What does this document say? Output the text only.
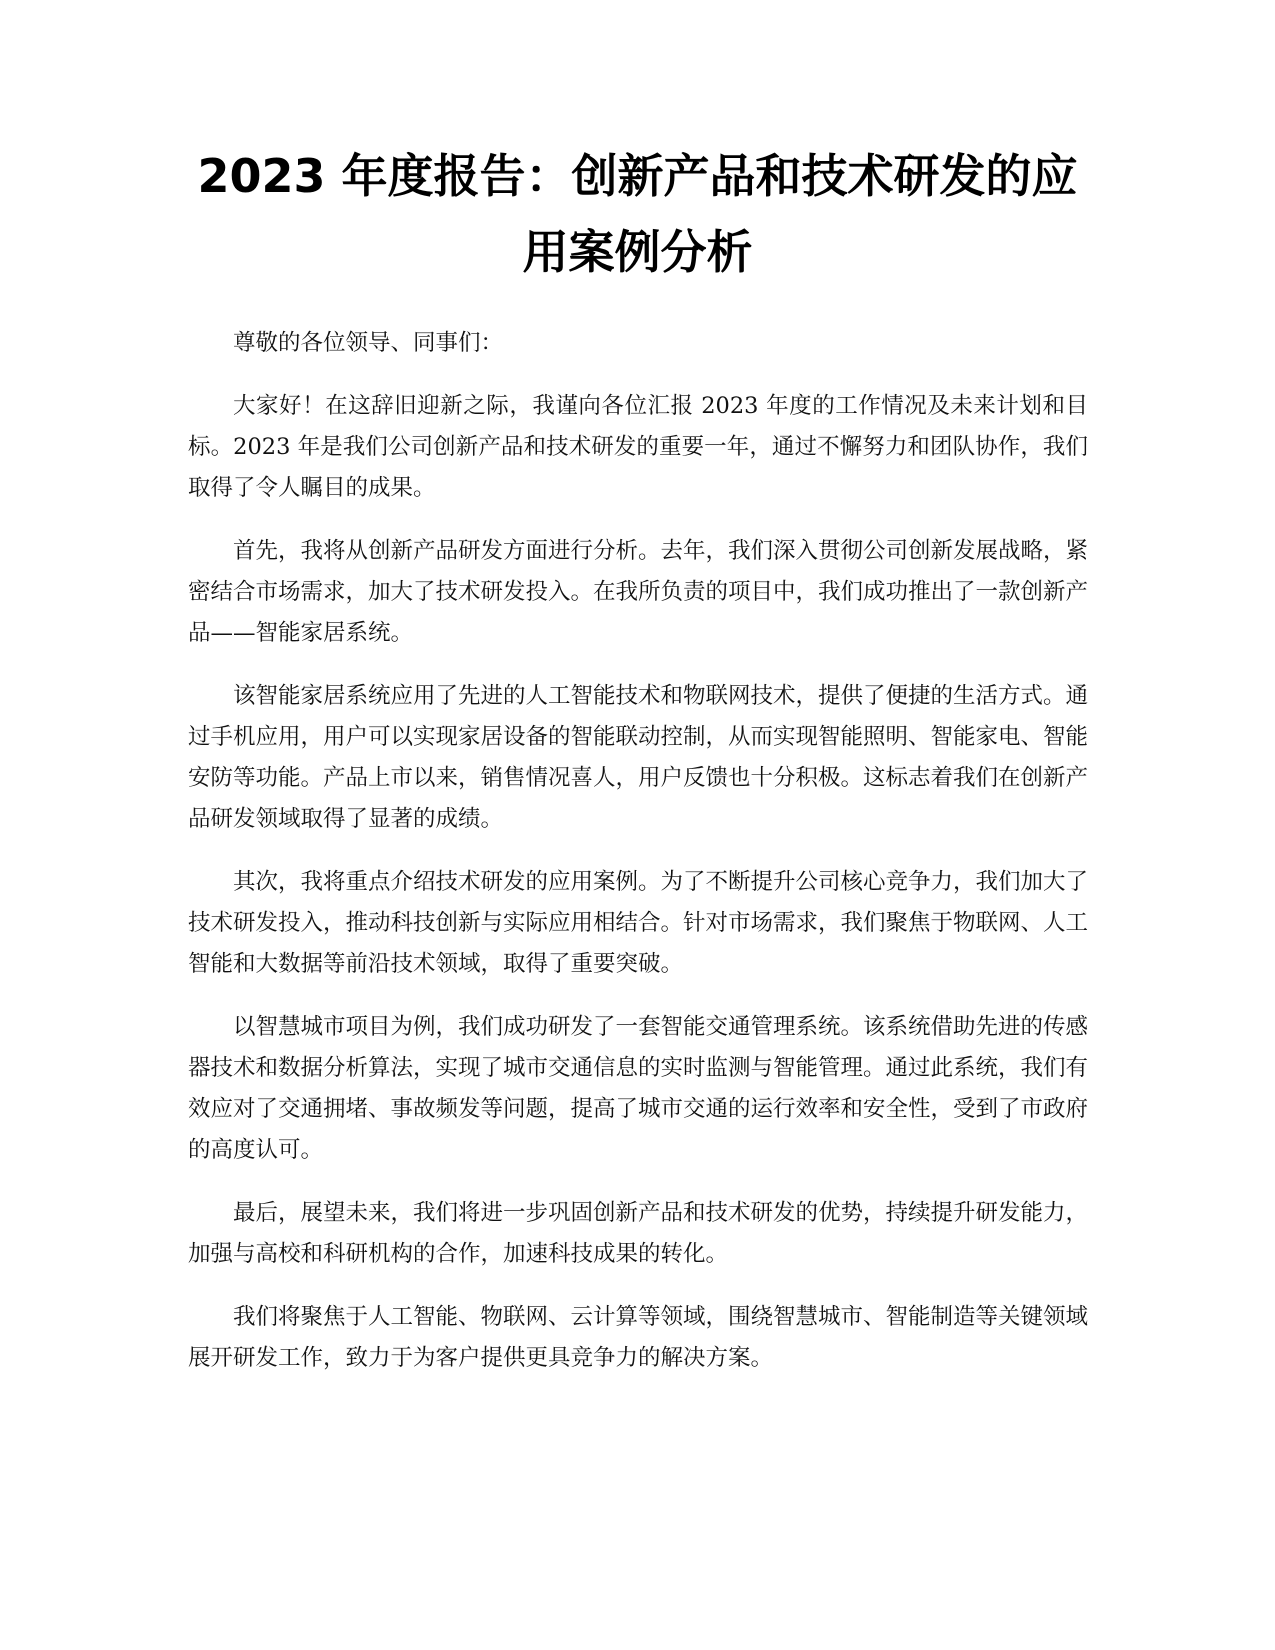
2023 年度报告：创新产品和技术研发的应用案例分析

尊敬的各位领导、同事们：

大家好！在这辞旧迎新之际，我谨向各位汇报 2023 年度的工作情况及未来计划和目标。2023 年是我们公司创新产品和技术研发的重要一年，通过不懈努力和团队协作，我们取得了令人瞩目的成果。

首先，我将从创新产品研发方面进行分析。去年，我们深入贯彻公司创新发展战略，紧密结合市场需求，加大了技术研发投入。在我所负责的项目中，我们成功推出了一款创新产品——智能家居系统。

该智能家居系统应用了先进的人工智能技术和物联网技术，提供了便捷的生活方式。通过手机应用，用户可以实现家居设备的智能联动控制，从而实现智能照明、智能家电、智能安防等功能。产品上市以来，销售情况喜人，用户反馈也十分积极。这标志着我们在创新产品研发领域取得了显著的成绩。

其次，我将重点介绍技术研发的应用案例。为了不断提升公司核心竞争力，我们加大了技术研发投入，推动科技创新与实际应用相结合。针对市场需求，我们聚焦于物联网、人工智能和大数据等前沿技术领域，取得了重要突破。

以智慧城市项目为例，我们成功研发了一套智能交通管理系统。该系统借助先进的传感器技术和数据分析算法，实现了城市交通信息的实时监测与智能管理。通过此系统，我们有效应对了交通拥堵、事故频发等问题，提高了城市交通的运行效率和安全性，受到了市政府的高度认可。

最后，展望未来，我们将进一步巩固创新产品和技术研发的优势，持续提升研发能力，加强与高校和科研机构的合作，加速科技成果的转化。

我们将聚焦于人工智能、物联网、云计算等领域，围绕智慧城市、智能制造等关键领域展开研发工作，致力于为客户提供更具竞争力的解决方案。
